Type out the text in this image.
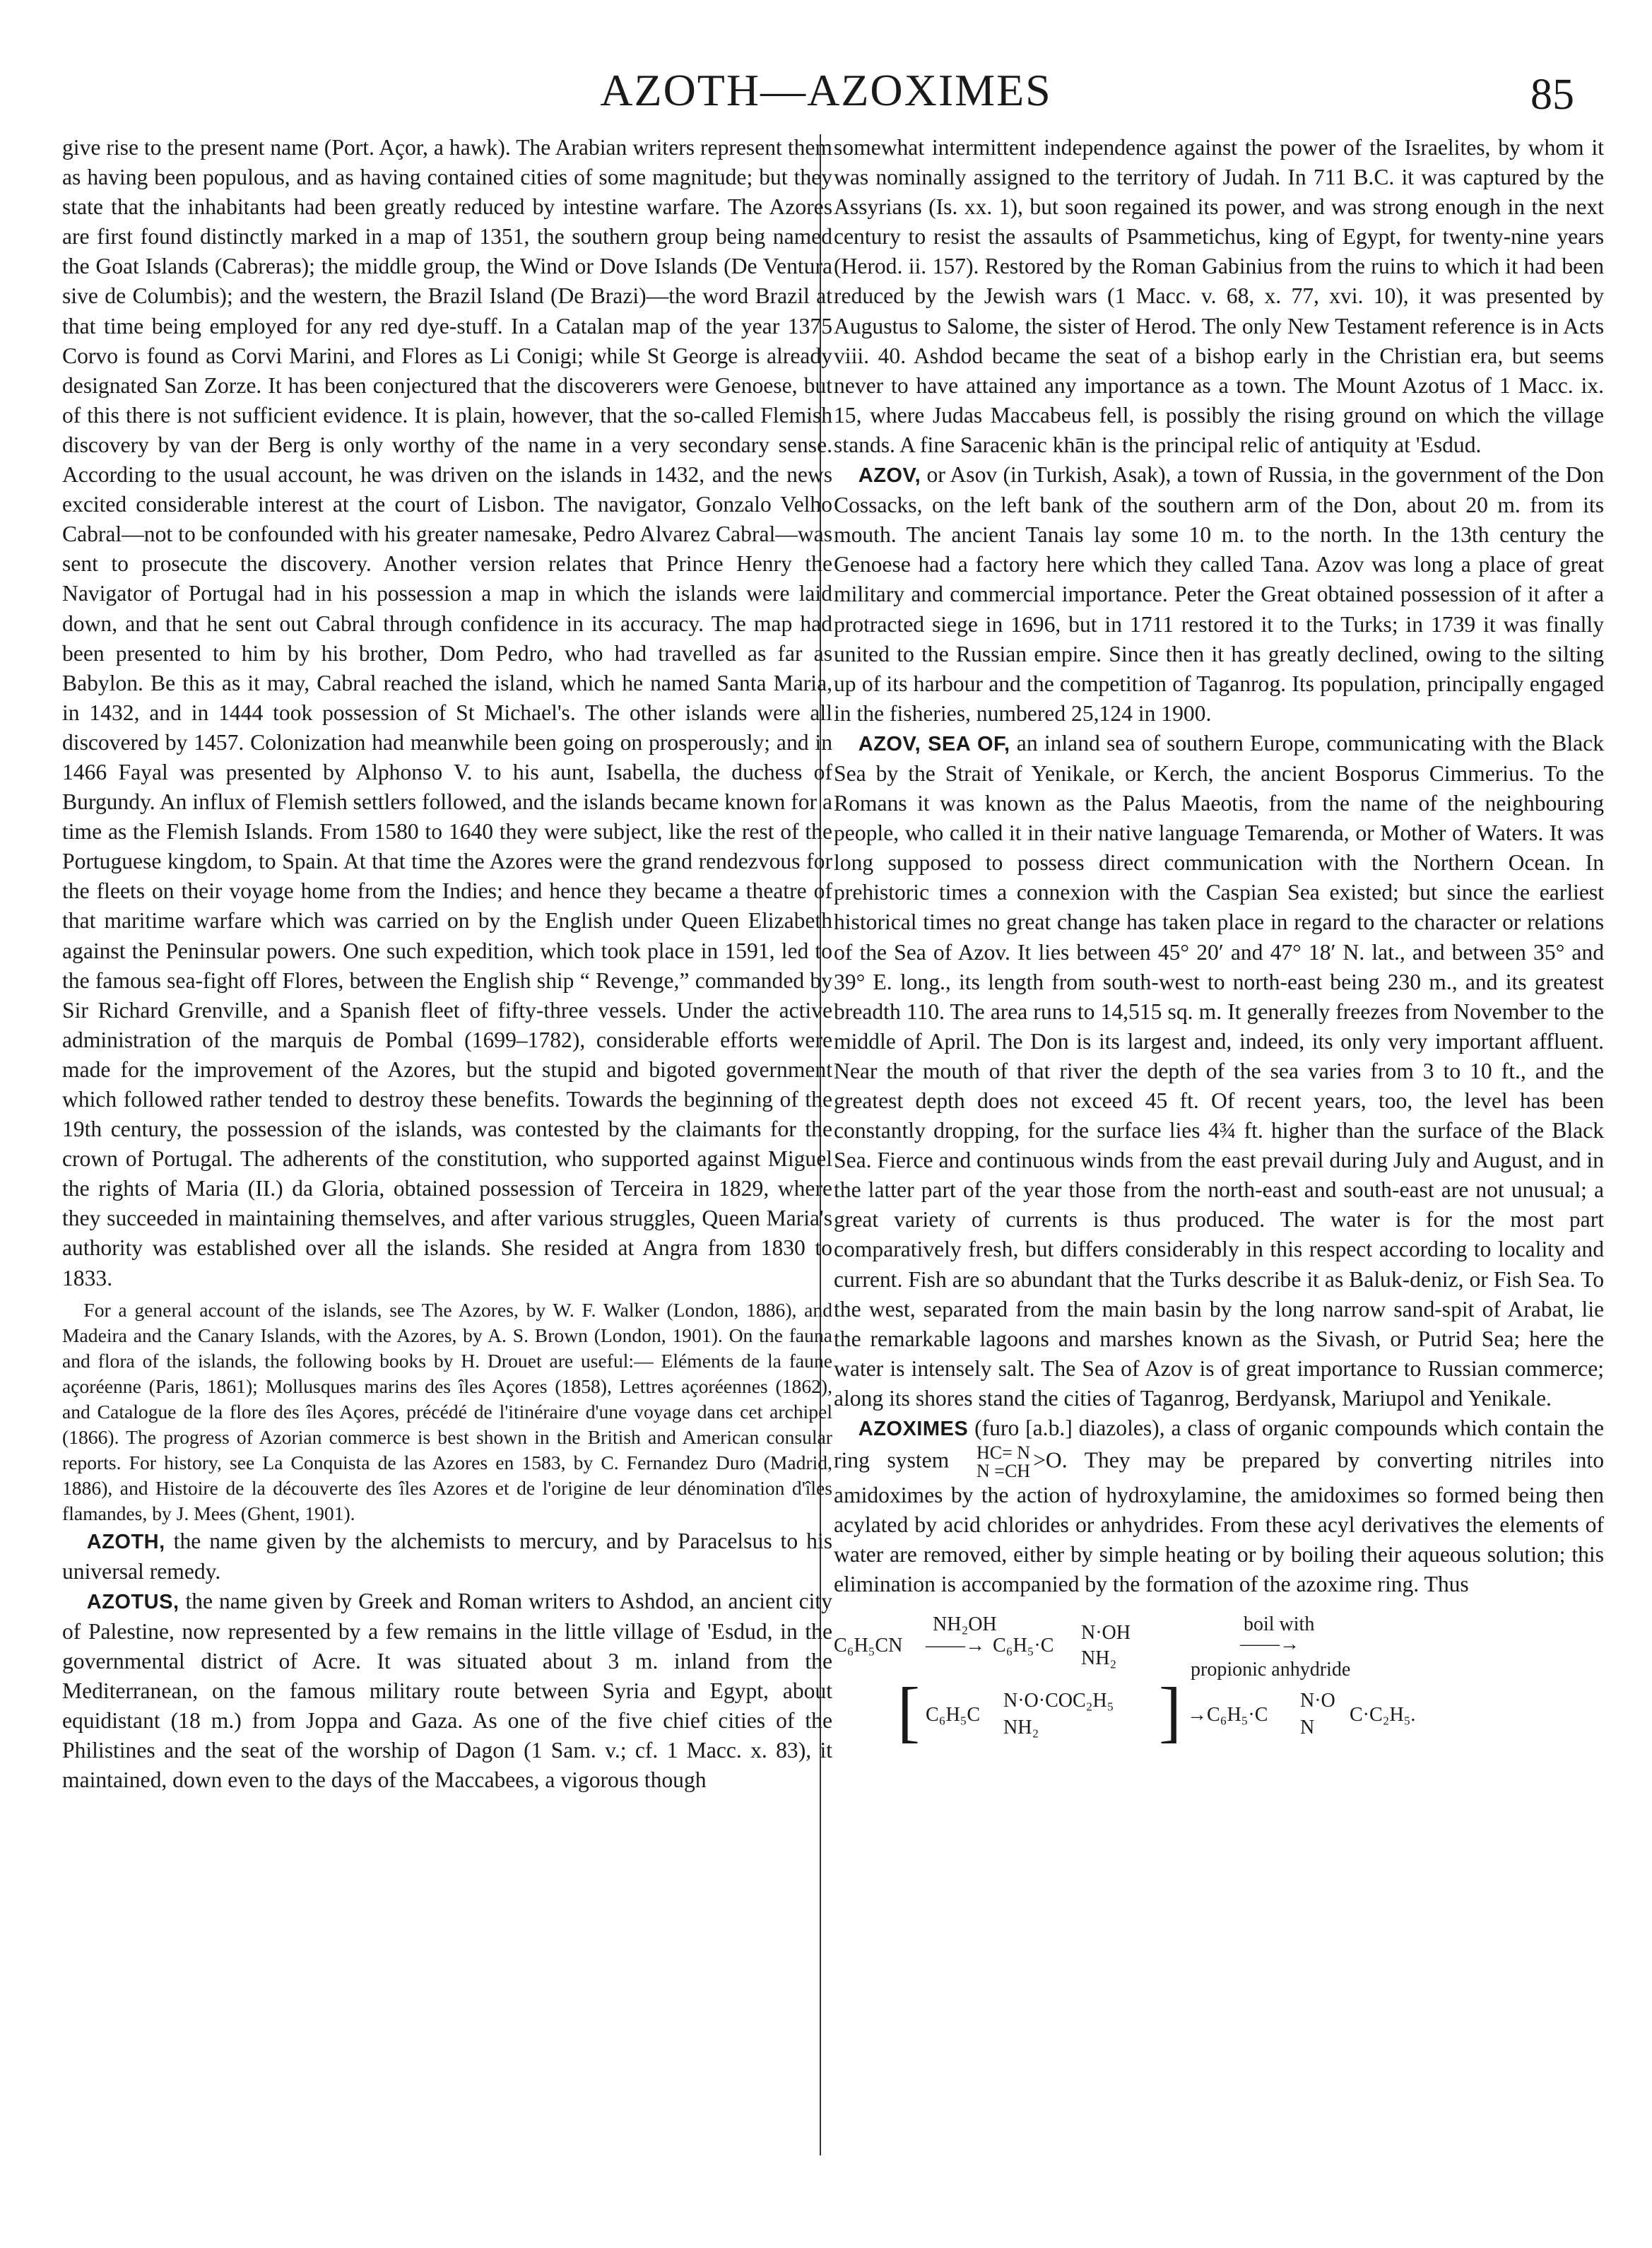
AZOTH—AZOXIMES	85

give rise to the present name (Port. Açor, a hawk). The Arabian writers represent them as having been populous, and as having contained cities of some magnitude; but they state that the inhabitants had been greatly reduced by intestine warfare. The Azores are first found distinctly marked in a map of 1351, the southern group being named the Goat Islands (Cabreras); the middle group, the Wind or Dove Islands (De Ventura sive de Columbis); and the western, the Brazil Island (De Brazi)—the word Brazil at that time being employed for any red dye-stuff. In a Catalan map of the year 1375 Corvo is found as Corvi Marini, and Flores as Li Conigi; while St George is already designated San Zorze. It has been conjectured that the discoverers were Genoese, but of this there is not sufficient evidence. It is plain, however, that the so-called Flemish discovery by van der Berg is only worthy of the name in a very secondary sense. According to the usual account, he was driven on the islands in 1432, and the news excited considerable interest at the court of Lisbon. The navigator, Gonzalo Velho Cabral—not to be confounded with his greater namesake, Pedro Alvarez Cabral—was sent to prosecute the discovery. Another version relates that Prince Henry the Navigator of Portugal had in his possession a map in which the islands were laid down, and that he sent out Cabral through confidence in its accuracy. The map had been presented to him by his brother, Dom Pedro, who had travelled as far as Babylon. Be this as it may, Cabral reached the island, which he named Santa Maria, in 1432, and in 1444 took possession of St Michael's. The other islands were all discovered by 1457. Colonization had meanwhile been going on prosperously; and in 1466 Fayal was presented by Alphonso V. to his aunt, Isabella, the duchess of Burgundy. An influx of Flemish settlers followed, and the islands became known for a time as the Flemish Islands. From 1580 to 1640 they were subject, like the rest of the Portuguese kingdom, to Spain. At that time the Azores were the grand rendezvous for the fleets on their voyage home from the Indies; and hence they became a theatre of that maritime warfare which was carried on by the English under Queen Elizabeth against the Peninsular powers. One such expedition, which took place in 1591, led to the famous sea-fight off Flores, between the English ship “ Revenge,” commanded by Sir Richard Grenville, and a Spanish fleet of fifty-three vessels. Under the active administration of the marquis de Pombal (1699–1782), considerable efforts were made for the improvement of the Azores, but the stupid and bigoted government which followed rather tended to destroy these benefits. Towards the beginning of the 19th century, the possession of the islands, was contested by the claimants for the crown of Portugal. The adherents of the constitution, who supported against Miguel the rights of Maria (II.) da Gloria, obtained possession of Terceira in 1829, where they succeeded in maintaining themselves, and after various struggles, Queen Maria's authority was established over all the islands. She resided at Angra from 1830 to 1833.

For a general account of the islands, see The Azores, by W. F. Walker (London, 1886), and Madeira and the Canary Islands, with the Azores, by A. S. Brown (London, 1901). On the fauna and flora of the islands, the following books by H. Drouet are useful:— Eléments de la faune açoréenne (Paris, 1861); Mollusques marins des îles Açores (1858), Lettres açoréennes (1862), and Catalogue de la flore des îles Açores, précédé de l'itinéraire d'une voyage dans cet archipel (1866). The progress of Azorian commerce is best shown in the British and American consular reports. For history, see La Conquista de las Azores en 1583, by C. Fernandez Duro (Madrid, 1886), and Histoire de la découverte des îles Azores et de l'origine de leur dénomination d'îles flamandes, by J. Mees (Ghent, 1901).

AZOTH, the name given by the alchemists to mercury, and by Paracelsus to his universal remedy.

AZOTUS, the name given by Greek and Roman writers to Ashdod, an ancient city of Palestine, now represented by a few remains in the little village of 'Esdud, in the governmental district of Acre. It was situated about 3 m. inland from the Mediterranean, on the famous military route between Syria and Egypt, about equidistant (18 m.) from Joppa and Gaza. As one of the five chief cities of the Philistines and the seat of the worship of Dagon (1 Sam. v.; cf. 1 Macc. x. 83), it maintained, down even to the days of the Maccabees, a vigorous though

somewhat intermittent independence against the power of the Israelites, by whom it was nominally assigned to the territory of Judah. In 711 B.C. it was captured by the Assyrians (Is. xx. 1), but soon regained its power, and was strong enough in the next century to resist the assaults of Psammetichus, king of Egypt, for twenty-nine years (Herod. ii. 157). Restored by the Roman Gabinius from the ruins to which it had been reduced by the Jewish wars (1 Macc. v. 68, x. 77, xvi. 10), it was presented by Augustus to Salome, the sister of Herod. The only New Testament reference is in Acts viii. 40. Ashdod became the seat of a bishop early in the Christian era, but seems never to have attained any importance as a town. The Mount Azotus of 1 Macc. ix. 15, where Judas Maccabeus fell, is possibly the rising ground on which the village stands. A fine Saracenic khān is the principal relic of antiquity at 'Esdud.

AZOV, or Asov (in Turkish, Asak), a town of Russia, in the government of the Don Cossacks, on the left bank of the southern arm of the Don, about 20 m. from its mouth. The ancient Tanais lay some 10 m. to the north. In the 13th century the Genoese had a factory here which they called Tana. Azov was long a place of great military and commercial importance. Peter the Great obtained possession of it after a protracted siege in 1696, but in 1711 restored it to the Turks; in 1739 it was finally united to the Russian empire. Since then it has greatly declined, owing to the silting up of its harbour and the competition of Taganrog. Its population, principally engaged in the fisheries, numbered 25,124 in 1900.

AZOV, SEA OF, an inland sea of southern Europe, communicating with the Black Sea by the Strait of Yenikale, or Kerch, the ancient Bosporus Cimmerius. To the Romans it was known as the Palus Maeotis, from the name of the neighbouring people, who called it in their native language Temarenda, or Mother of Waters. It was long supposed to possess direct communication with the Northern Ocean. In prehistoric times a connexion with the Caspian Sea existed; but since the earliest historical times no great change has taken place in regard to the character or relations of the Sea of Azov. It lies between 45° 20′ and 47° 18′ N. lat., and between 35° and 39° E. long., its length from south-west to north-east being 230 m., and its greatest breadth 110. The area runs to 14,515 sq. m. It generally freezes from November to the middle of April. The Don is its largest and, indeed, its only very important affluent. Near the mouth of that river the depth of the sea varies from 3 to 10 ft., and the greatest depth does not exceed 45 ft. Of recent years, too, the level has been constantly dropping, for the surface lies 4¾ ft. higher than the surface of the Black Sea. Fierce and continuous winds from the east prevail during July and August, and in the latter part of the year those from the north-east and south-east are not unusual; a great variety of currents is thus produced. The water is for the most part comparatively fresh, but differs considerably in this respect according to locality and current. Fish are so abundant that the Turks describe it as Baluk-deniz, or Fish Sea. To the west, separated from the main basin by the long narrow sand-spit of Arabat, lie the remarkable lagoons and marshes known as the Sivash, or Putrid Sea; here the water is intensely salt. The Sea of Azov is of great importance to Russian commerce; along its shores stand the cities of Taganrog, Berdyansk, Mariupol and Yenikale.

AZOXIMES (furo [a.b.] diazoles), a class of organic compounds which contain the ring system	HC= N
N =CH >O. They may be prepared by converting nitriles into amidoximes by the action of hydroxylamine, the amidoximes so formed being then acylated by acid chlorides or anhydrides. From these acyl derivatives the elements of water are removed, either by simple heating or by boiling their aqueous solution; this elimination is accompanied by the formation of the azoxime ring. Thus

NH₂OH
C₆H₅CN ——→ C₆H₅·C
N·OH
NH₂
boil with
——→
propionic anhydride
[ C₆H₅C
N·O·COC₂H₅
NH₂ ] →C₆H₅·C
N·O
N
C·C₂H₅.
